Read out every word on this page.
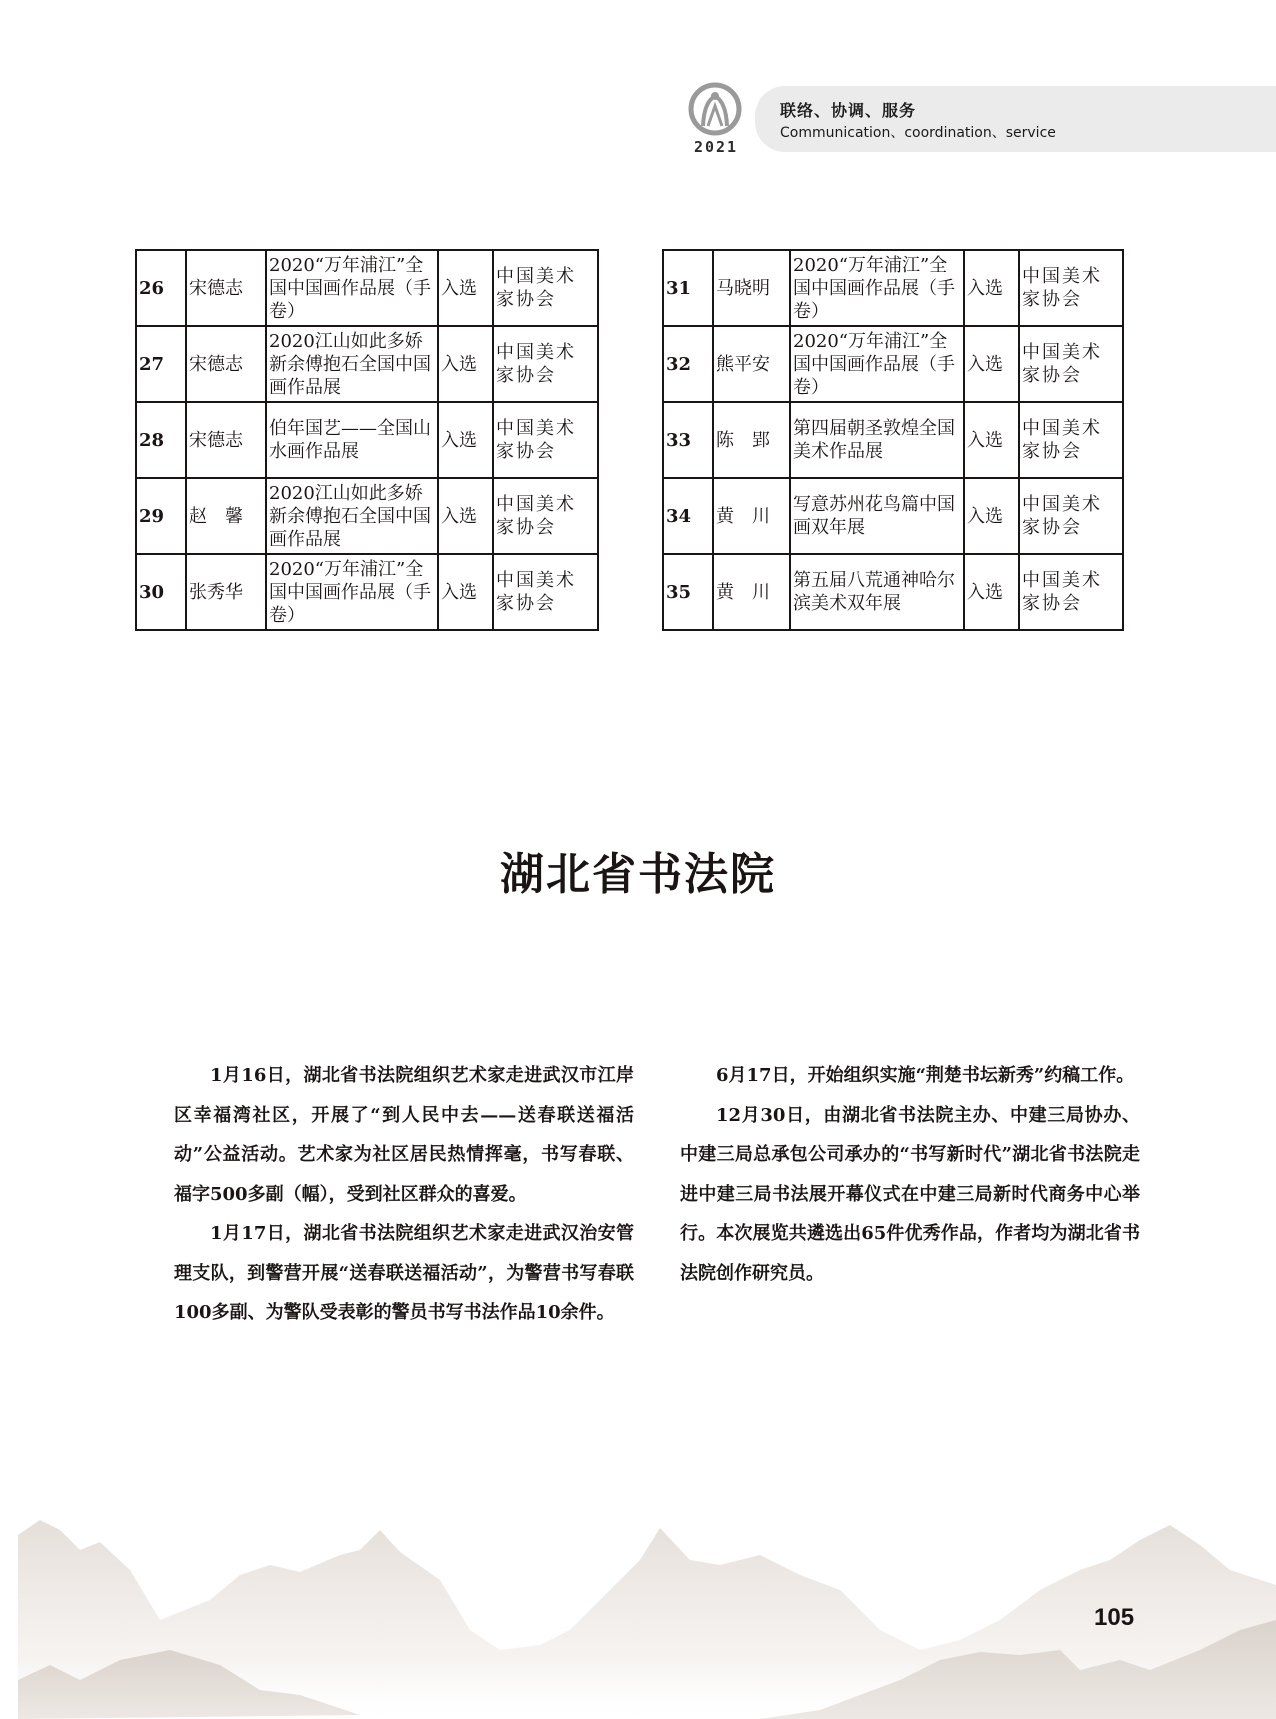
2021
联络、协调、服务
Communication、coordination、service
26	宋德志	2020“万年浦江”全国中国画作品展（手卷）	入选	中国美术家协会
27	宋德志	2020江山如此多娇 新余傅抱石全国中国画作品展	入选	中国美术家协会
28	宋德志	伯年国艺——全国山水画作品展	入选	中国美术家协会
29	赵　馨	2020江山如此多娇 新余傅抱石全国中国画作品展	入选	中国美术家协会
30	张秀华	2020“万年浦江”全国中国画作品展（手卷）	入选	中国美术家协会
31	马晓明	2020“万年浦江”全国中国画作品展（手卷）	入选	中国美术家协会
32	熊平安	2020“万年浦江”全国中国画作品展（手卷）	入选	中国美术家协会
33	陈　郢	第四届朝圣敦煌全国美术作品展	入选	中国美术家协会
34	黄　川	写意苏州花鸟篇中国画双年展	入选	中国美术家协会
35	黄　川	第五届八荒通神哈尔滨美术双年展	入选	中国美术家协会
湖北省书法院

1月16日，湖北省书法院组织艺术家走进武汉市江岸区幸福湾社区，开展了“到人民中去——送春联送福活动”公益活动。艺术家为社区居民热情挥毫，书写春联、福字500多副（幅），受到社区群众的喜爱。

1月17日，湖北省书法院组织艺术家走进武汉治安管理支队，到警营开展“送春联送福活动”，为警营书写春联100多副、为警队受表彰的警员书写书法作品10余件。

6月17日，开始组织实施“荆楚书坛新秀”约稿工作。

12月30日，由湖北省书法院主办、中建三局协办、中建三局总承包公司承办的“书写新时代”湖北省书法院走进中建三局书法展开幕仪式在中建三局新时代商务中心举行。本次展览共遴选出65件优秀作品，作者均为湖北省书法院创作研究员。

105
